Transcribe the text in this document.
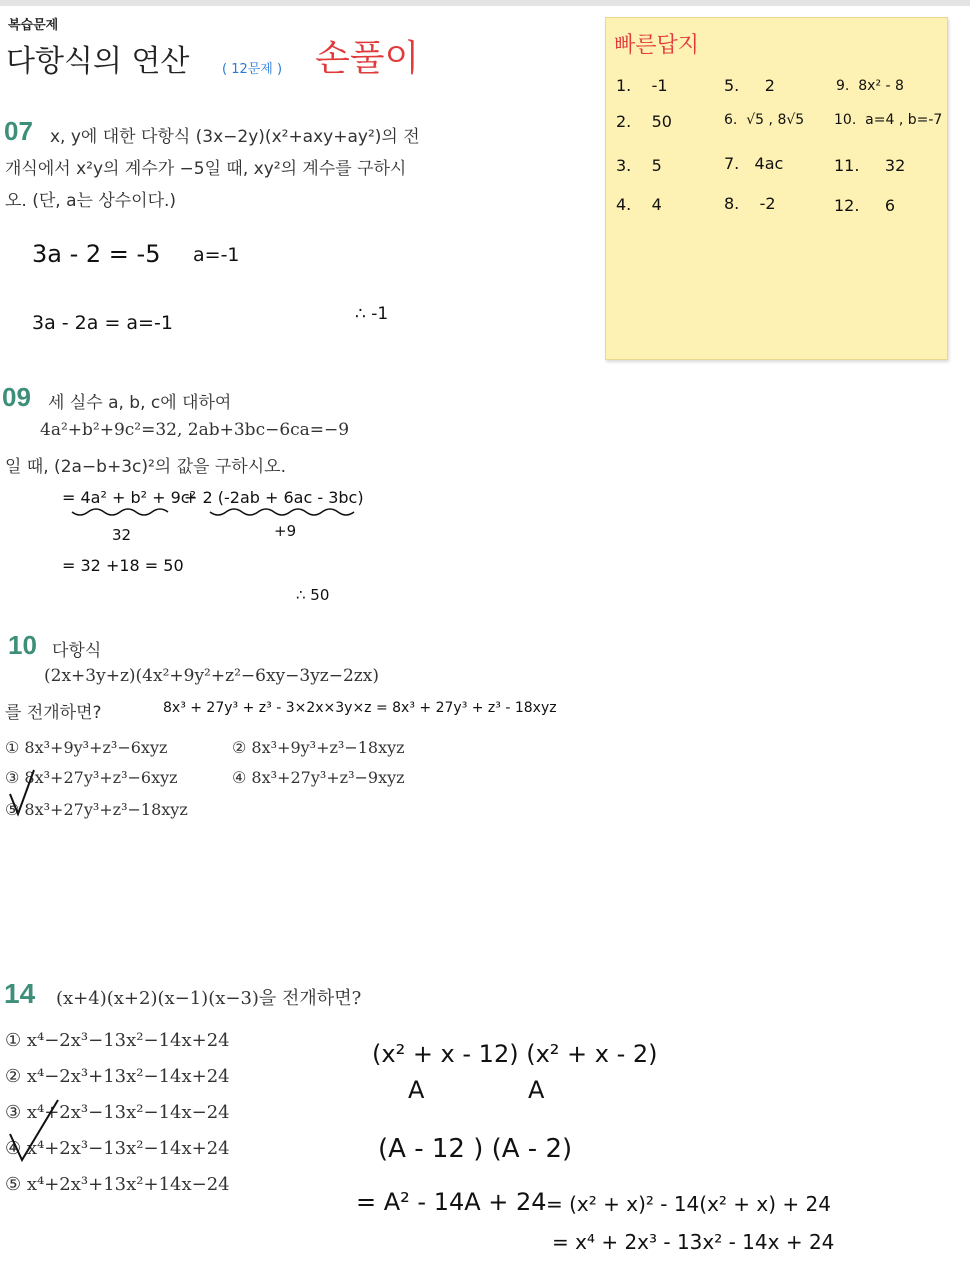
복습문제
다항식의 연산	( 12문제 ) 손풀이	빠른답지
1. -1
2. 50
3. 5
4. 4
5. 2
6. √5 , 8√5
7. 4ac
8. -2
9. 8x² - 8
10. a=4 , b=-7
11. 32
12. 6
07 x, y에 대한 다항식 (3x−2y)(x²+axy+ay²)의 전
개식에서 x²y의 계수가 −5일 때, xy²의 계수를 구하시
오. (단, a는 상수이다.)
3a - 2 = -5 a=-1
3a - 2a = a=-1	∴ -1
09 세 실수 a, b, c에 대하여
4a²+b²+9c²=32, 2ab+3bc−6ca=−9
일 때, (2a−b+3c)²의 값을 구하시오.
= 4a² + b² + 9c²
+ 2 (-2ab + 6ac - 3bc)
32	+9
= 32 +18 = 50
∴ 50
10 다항식
(2x+3y+z)(4x²+9y²+z²−6xy−3yz−2zx)
를 전개하면?	8x³ + 27y³ + z³ - 3×2x×3y×z = 8x³ + 27y³ + z³ - 18xyz
① 8x³+9y³+z³−6xyz	② 8x³+9y³+z³−18xyz
③ 8x³+27y³+z³−6xyz	④ 8x³+27y³+z³−9xyz
⑤ 8x³+27y³+z³−18xyz
14 (x+4)(x+2)(x−1)(x−3)을 전개하면?
① x⁴−2x³−13x²−14x+24
② x⁴−2x³+13x²−14x+24
③ x⁴+2x³−13x²−14x−24
④ x⁴+2x³−13x²−14x+24
⑤ x⁴+2x³+13x²+14x−24
(x² + x - 12) (x² + x - 2)
A	A
(A - 12 ) (A - 2)
= A² - 14A + 24 = (x² + x)² - 14(x² + x) + 24
= x⁴ + 2x³ - 13x² - 14x + 24
